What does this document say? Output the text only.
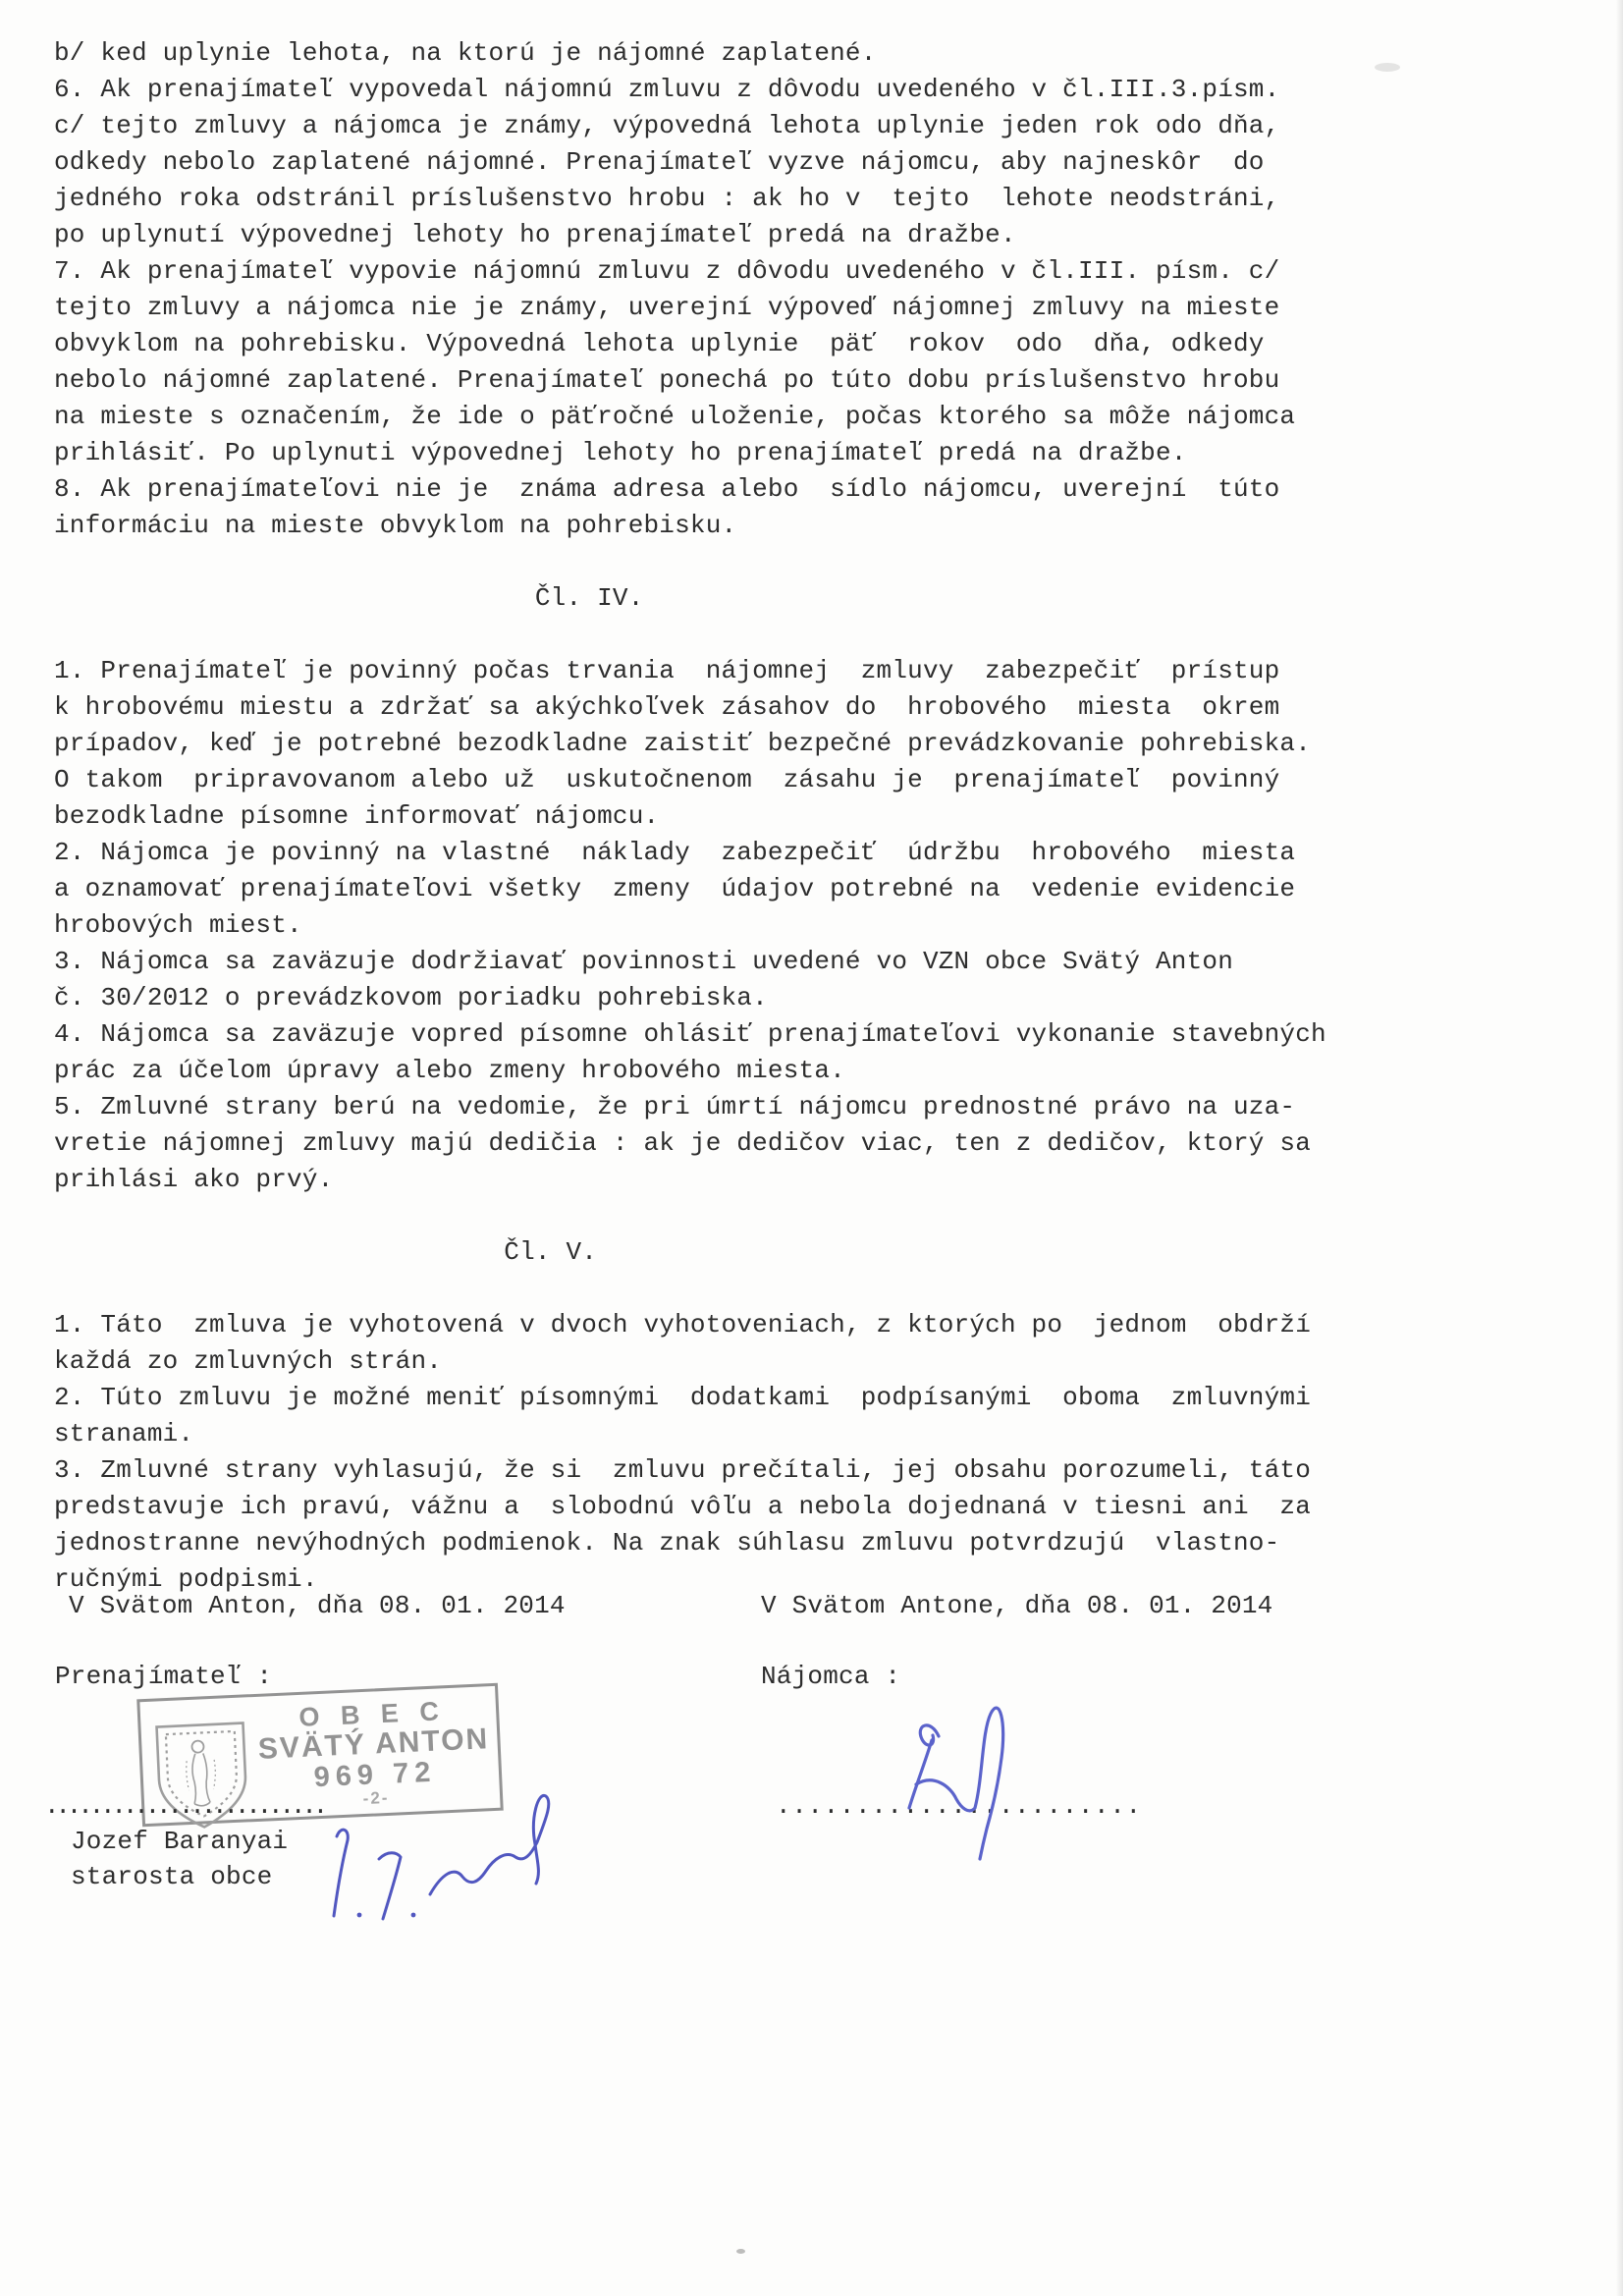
b/ ked uplynie lehota, na ktorú je nájomné zaplatené.
6. Ak prenajímateľ vypovedal nájomnú zmluvu z dôvodu uvedeného v čl.III.3.písm.
c/ tejto zmluvy a nájomca je známy, výpovedná lehota uplynie jeden rok odo dňa,
odkedy nebolo zaplatené nájomné. Prenajímateľ vyzve nájomcu, aby najneskôr  do
jedného roka odstránil príslušenstvo hrobu : ak ho v  tejto  lehote neodstráni,
po uplynutí výpovednej lehoty ho prenajímateľ predá na dražbe.
7. Ak prenajímateľ vypovie nájomnú zmluvu z dôvodu uvedeného v čl.III. písm. c/
tejto zmluvy a nájomca nie je známy, uverejní výpoveď nájomnej zmluvy na mieste
obvyklom na pohrebisku. Výpovedná lehota uplynie  päť  rokov  odo  dňa, odkedy
nebolo nájomné zaplatené. Prenajímateľ ponechá po túto dobu príslušenstvo hrobu
na mieste s označením, že ide o päťročné uloženie, počas ktorého sa môže nájomca
prihlásiť. Po uplynuti výpovednej lehoty ho prenajímateľ predá na dražbe.
8. Ak prenajímateľovi nie je  známa adresa alebo  sídlo nájomcu, uverejní  túto
informáciu na mieste obvyklom na pohrebisku.

Čl. IV.

1. Prenajímateľ je povinný počas trvania  nájomnej  zmluvy  zabezpečiť  prístup
k hrobovému miestu a zdržať sa akýchkoľvek zásahov do  hrobového  miesta  okrem
prípadov, keď je potrebné bezodkladne zaistiť bezpečné prevádzkovanie pohrebiska.
O takom  pripravovanom alebo už  uskutočnenom  zásahu je  prenajímateľ  povinný
bezodkladne písomne informovať nájomcu.
2. Nájomca je povinný na vlastné  náklady  zabezpečiť  údržbu  hrobového  miesta
a oznamovať prenajímateľovi všetky  zmeny  údajov potrebné na  vedenie evidencie
hrobových miest.
3. Nájomca sa zaväzuje dodržiavať povinnosti uvedené vo VZN obce Svätý Anton
č. 30/2012 o prevádzkovom poriadku pohrebiska.
4. Nájomca sa zaväzuje vopred písomne ohlásiť prenajímateľovi vykonanie stavebných
prác za účelom úpravy alebo zmeny hrobového miesta.
5. Zmluvné strany berú na vedomie, že pri úmrtí nájomcu prednostné právo na uza-
vretie nájomnej zmluvy majú dedičia : ak je dedičov viac, ten z dedičov, ktorý sa
prihlási ako prvý.

Čl. V.

1. Táto  zmluva je vyhotovená v dvoch vyhotoveniach, z ktorých po  jednom  obdrží
každá zo zmluvných strán.
2. Túto zmluvu je možné meniť písomnými  dodatkami  podpísanými  oboma  zmluvnými
stranami.
3. Zmluvné strany vyhlasujú, že si  zmluvu prečítali, jej obsahu porozumeli, táto
predstavuje ich pravú, vážnu a  slobodnú vôľu a nebola dojednaná v tiesni ani  za
jednostranne nevýhodných podmienok. Na znak súhlasu zmluvu potvrdzujú  vlastno-
ručnými podpismi.
V Svätom Anton, dňa 08. 01. 2014	V Svätom Antone, dňa 08. 01. 2014
Prenajímateľ :	Nájomca :
O B E C
SVÄTÝ ANTON
969 72
-2-
.........................	.......................
Jozef Baranyai
starosta obce
